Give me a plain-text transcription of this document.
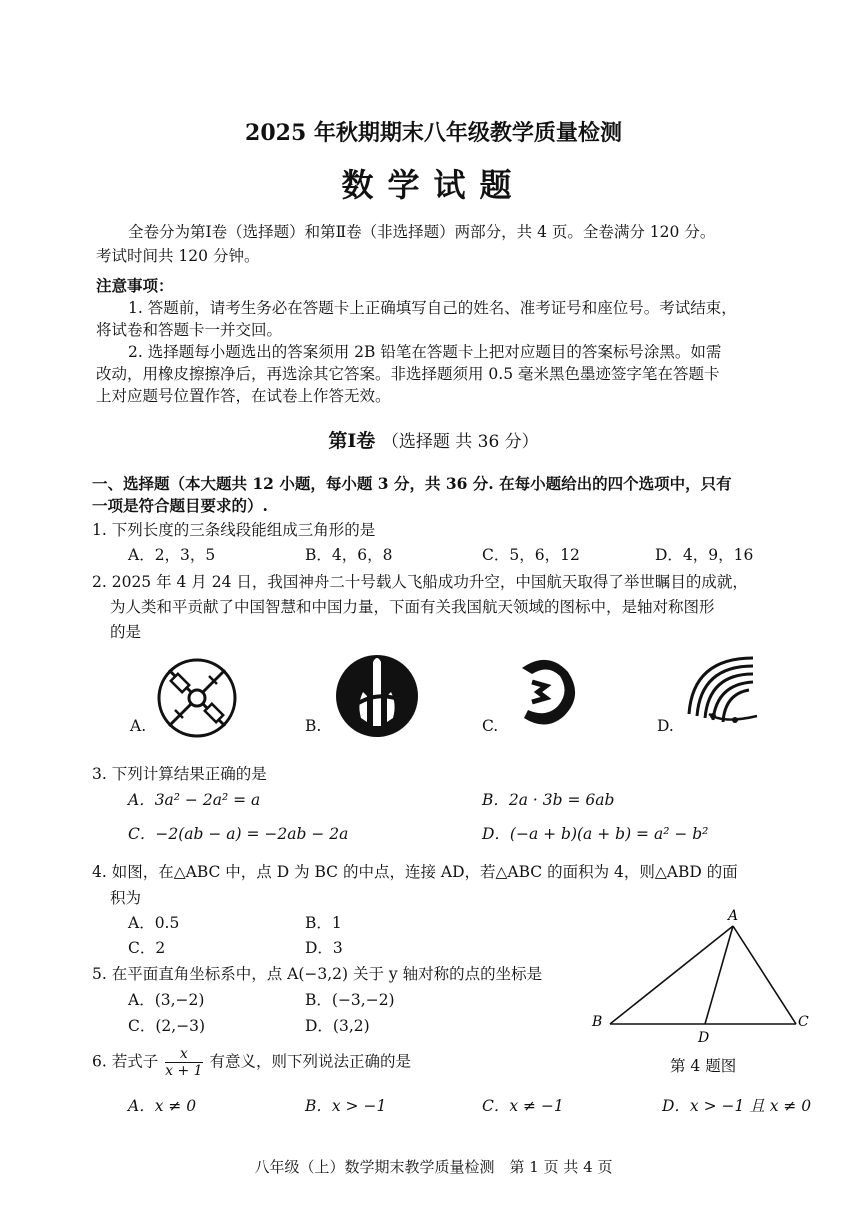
2025 年秋期期末八年级教学质量检测
数学试题
全卷分为第Ⅰ卷（选择题）和第Ⅱ卷（非选择题）两部分，共 4 页。全卷满分 120 分。
考试时间共 120 分钟。
注意事项：
1. 答题前，请考生务必在答题卡上正确填写自己的姓名、准考证号和座位号。考试结束，
将试卷和答题卡一并交回。
2. 选择题每小题选出的答案须用 2B 铅笔在答题卡上把对应题目的答案标号涂黑。如需
改动，用橡皮擦擦净后，再选涂其它答案。非选择题须用 0.5 毫米黑色墨迹签字笔在答题卡
上对应题号位置作答，在试卷上作答无效。
第Ⅰ卷 （选择题 共 36 分）
一、选择题（本大题共 12 小题，每小题 3 分，共 36 分. 在每小题给出的四个选项中，只有
一项是符合题目要求的）.
1. 下列长度的三条线段能组成三角形的是
A．2，3，5	B．4，6，8	C．5，6，12	D．4，9，16
2. 2025 年 4 月 24 日，我国神舟二十号载人飞船成功升空，中国航天取得了举世瞩目的成就，
为人类和平贡献了中国智慧和中国力量，下面有关我国航天领域的图标中，是轴对称图形
的是
A.	B.	C.	D.
3. 下列计算结果正确的是
A．3a² − 2a² = a	B．2a · 3b = 6ab
C．−2(ab − a) = −2ab − 2a	D．(−a + b)(a + b) = a² − b²
4. 如图，在△ABC 中，点 D 为 BC 的中点，连接 AD，若△ABC 的面积为 4，则△ABD 的面
积为
A．0.5	B．1
C．2	D．3
A
B	C
D
第 4 题图
5. 在平面直角坐标系中，点 A(−3,2) 关于 y 轴对称的点的坐标是
A．(3,−2)	B．(−3,−2)
C．(2,−3)	D．(3,2)
6. 若式子 $\frac{x}{x + 1}$ 有意义，则下列说法正确的是
A．x ≠ 0	B．x > −1	C．x ≠ −1	D．x > −1 且 x ≠ 0
八年级（上）数学期末教学质量检测　第 1 页 共 4 页
